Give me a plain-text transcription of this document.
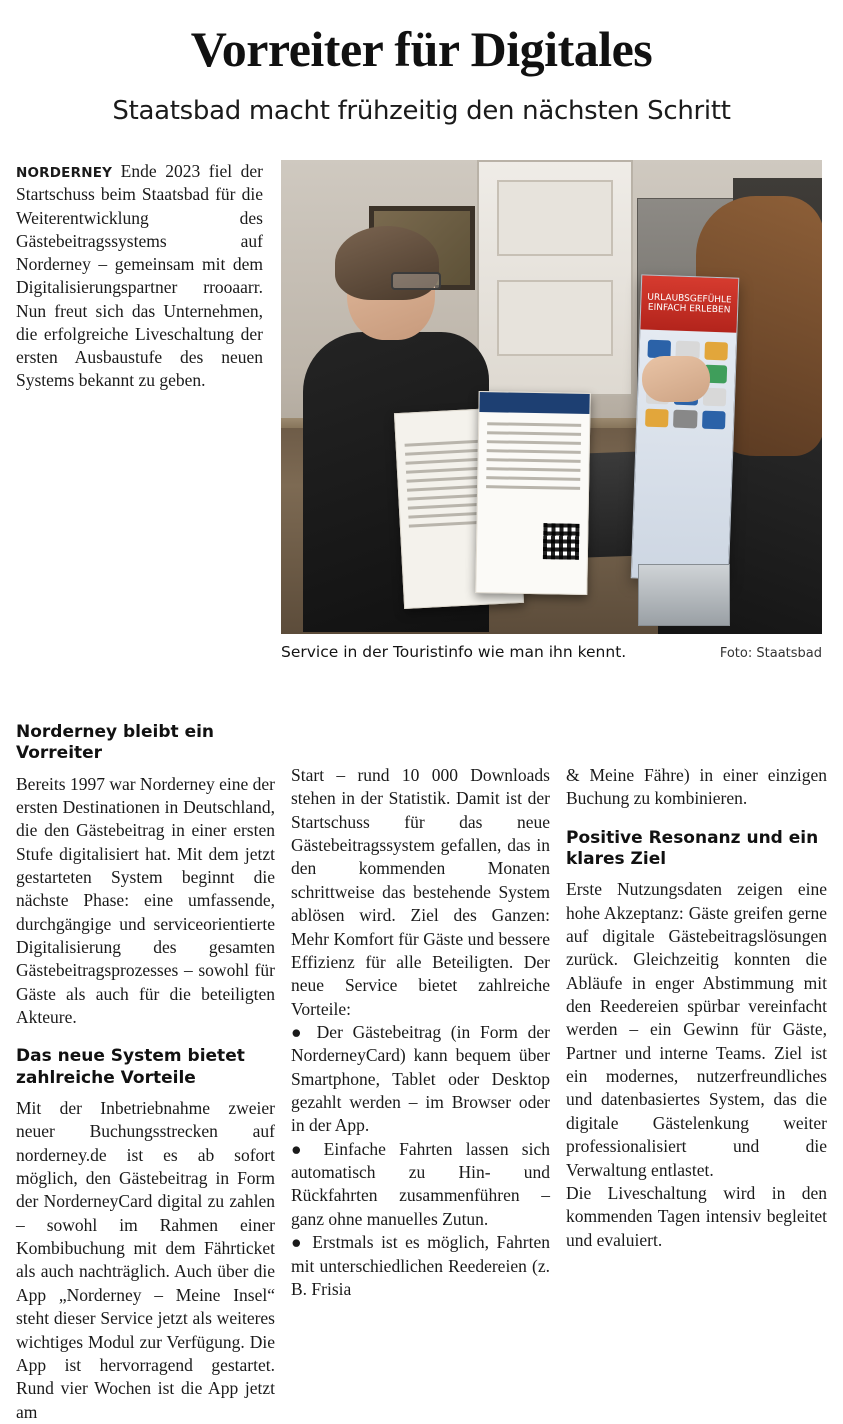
Vorreiter für Digitales
Staatsbad macht frühzeitig den nächsten Schritt

NORDERNEY Ende 2023 fiel der Startschuss beim Staatsbad für die Weiterentwicklung des Gästebeitragssystems auf Norderney – gemeinsam mit dem Digitalisierungspartner rrooaarr. Nun freut sich das Unternehmen, die erfolgreiche Liveschaltung der ersten Ausbaustufe des neuen Systems bekannt zu geben.

URLAUBSGEFÜHLE EINFACH ERLEBEN
Service in der Touristinfo wie man ihn kennt.	Foto: Staatsbad
Norderney bleibt ein Vorreiter

Bereits 1997 war Norderney eine der ersten Destinationen in Deutschland, die den Gästebeitrag in einer ersten Stufe digitalisiert hat. Mit dem jetzt gestarteten System beginnt die nächste Phase: eine umfassende, durchgängige und serviceorientierte Digitalisierung des gesamten Gästebeitragsprozesses – sowohl für Gäste als auch für die beteiligten Akteure.

Das neue System bietet zahlreiche Vorteile

Mit der Inbetriebnahme zweier neuer Buchungsstrecken auf norderney.de ist es ab sofort möglich, den Gästebeitrag in Form der NorderneyCard digital zu zahlen – sowohl im Rahmen einer Kombibuchung mit dem Fährticket als auch nachträglich. Auch über die App „Norderney – Meine Insel“ steht dieser Service jetzt als weiteres wichtiges Modul zur Verfügung. Die App ist hervorragend gestartet. Rund vier Wochen ist die App jetzt am

Start – rund 10 000 Downloads stehen in der Statistik. Damit ist der Startschuss für das neue Gästebeitragssystem gefallen, das in den kommenden Monaten schrittweise das bestehende System ablösen wird. Ziel des Ganzen: Mehr Komfort für Gäste und bessere Effizienz für alle Beteiligten. Der neue Service bietet zahlreiche Vorteile:

● Der Gästebeitrag (in Form der NorderneyCard) kann bequem über Smartphone, Tablet oder Desktop gezahlt werden – im Browser oder in der App.

● Einfache Fahrten lassen sich automatisch zu Hin- und Rückfahrten zusammenführen – ganz ohne manuelles Zutun.

● Erstmals ist es möglich, Fahrten mit unterschiedlichen Reedereien (z. B. Frisia

& Meine Fähre) in einer einzigen Buchung zu kombinieren.

Positive Resonanz und ein klares Ziel

Erste Nutzungsdaten zeigen eine hohe Akzeptanz: Gäste greifen gerne auf digitale Gästebeitragslösungen zurück. Gleichzeitig konnten die Abläufe in enger Abstimmung mit den Reedereien spürbar vereinfacht werden – ein Gewinn für Gäste, Partner und interne Teams. Ziel ist ein modernes, nutzerfreundliches und datenbasiertes System, das die digitale Gästelenkung weiter professionalisiert und die Verwaltung entlastet.

Die Liveschaltung wird in den kommenden Tagen intensiv begleitet und evaluiert.
